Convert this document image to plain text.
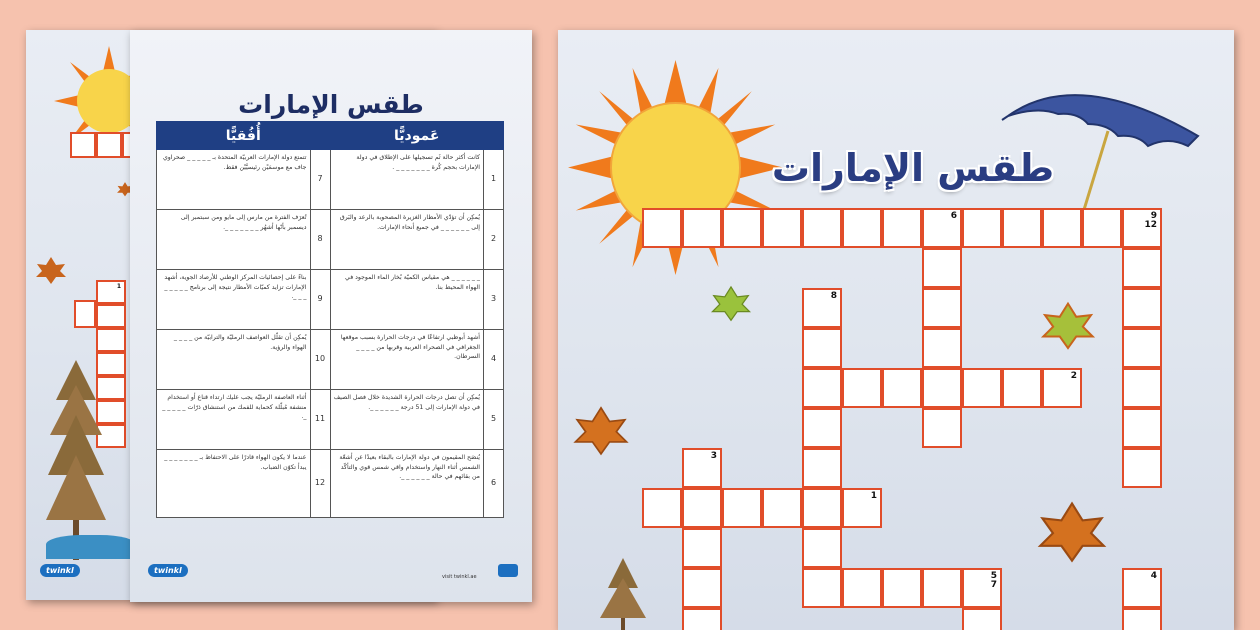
1
twinkl
طقس الإمارات
عَموديًّا		أُفُقيًّا	
1	كانت أكثر حالة ثَم تسجيلها على الإطلاق في دولة الإمارات بحجم كُرة _ _ _ _ _ _ _ .	7	تتمتع دولة الإمارات العربيّة المتحدة بـ _ _ _ _ _ صحراوي جاف مع موسمَيْن رئيسيَّيْن فقط.
2	يُمكِن أن تؤدّي الأمطار الغزيرة المصحوبة بالرعد والبَرق إلى _ _ _ _ _ _ في جميع أنحاء الإمارات.	8	تُعرَف الفترة من مارس إلى مايو ومن سبتمبر إلى ديسمبر بأنّها أشهُر _ _ _ _ _ _ _.
3	_ _ _ _ _ _ هي مقياس الكميّة بُخار الماء الموجود في الهواء المحيط بنا.	9	بناءً على إحصائيات المركز الوطني للأرصاد الجوية، أشهد الإمارات تزايد كميّات الأمطار نتيجة إلى برنامج _ _ _ _ _ _ _ _.
4	أشهد أبوظبي ارتفاعًا في درجات الحرارة بسبب موقعها الجغرافي في الصحراء العربية وقربها من _ _ _ _ السرطان.	10	يُمكِن أن تقلّل العواصف الرمليّة والترابيّة من _ _ _ _ الهواء والرؤية.
5	يُمكِن أن تصل درجات الحرارة الشديدة خلال فصل الصيف في دولة الإمارات إلى 51 درجة _ _ _ _ _ _.	11	أثناء العاصفة الرمليّة يجب عليك ارتداء قناع أو استخدام منشفة مُبلّلة كحماية للفمك من استنشاق ذرّات _ _ _ _ _ _.
6	يُنصَح المقيمون في دولة الإمارات بالبقاء بعيدًا عن أشعّة الشمس أثناء النهار واستخدام واقي شمس قوي والتأكّد من بقائهم في حالة _ _ _ _ _ _.	12	عندما لا يكون الهواء قادرًا على الاحتفاظ بـ _ _ _ _ _ _ _ يبدأ تكوّن الضباب.
twinkl
visit twinkl.ae
طقس الإمارات
6	9
12
8
2
3
1
5
7
4
